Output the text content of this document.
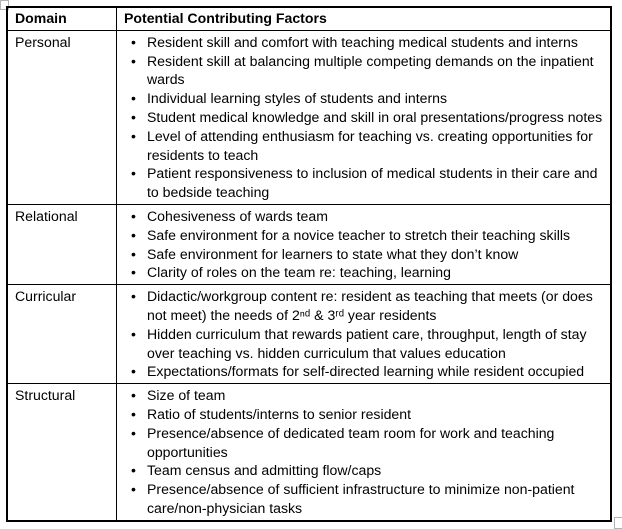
Domain	Potential Contributing Factors
Personal	
•Resident skill and comfort with teaching medical students and interns
• Resident skill at balancing multiple competing demands on the inpatient wards
• Individual learning styles of students and interns
• Student medical knowledge and skill in oral presentations/progress notes
• Level of attending enthusiasm for teaching vs. creating opportunities for residents to teach
• Patient responsiveness to inclusion of medical students in their care and to bedside teaching

Relational	
•Cohesiveness of wards team
• Safe environment for a novice teacher to stretch their teaching skills
• Safe environment for learners to state what they don’t know
• Clarity of roles on the team re: teaching, learning

Curricular	
•Didactic/workgroup content re: resident as teaching that meets (or does not meet) the needs of 2ⁿᵈ & 3ʳᵈ year residents
• Hidden curriculum that rewards patient care, throughput, length of stay over teaching vs. hidden curriculum that values education
• Expectations/formats for self-directed learning while resident occupied

Structural	
•Size of team
• Ratio of students/interns to senior resident
• Presence/absence of dedicated team room for work and teaching opportunities
• Team census and admitting flow/caps
• Presence/absence of sufficient infrastructure to minimize non-patient care/non-physician tasks
